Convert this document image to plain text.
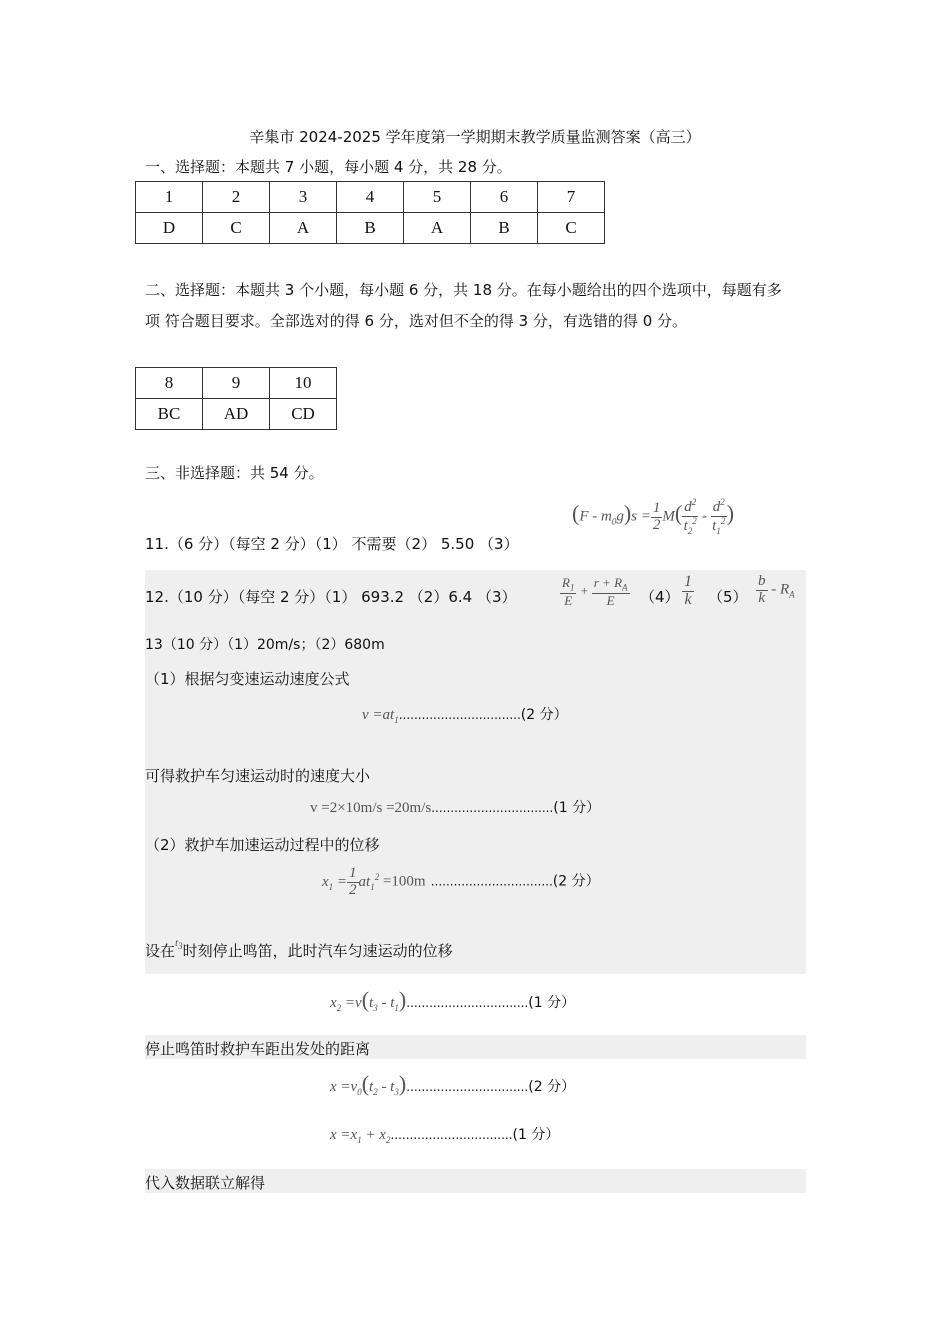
辛集市 2024-2025 学年度第一学期期末教学质量监测答案（高三）
一、选择题：本题共 7 小题，每小题 4 分，共 28 分。
1	2	3	4	5	6	7
D	C	A	B	A	B	C
二、选择题：本题共 3 个小题，每小题 6 分，共 18 分。在每小题给出的四个选项中，每题有多
项 符合题目要求。全部选对的得 6 分，选对但不全的得 3 分，有选错的得 0 分。
8	9	10
BC	AD	CD
三、非选择题：共 54 分。
11.（6 分）（每空 2 分）（1） 不需要（2） 5.50 （3）
$(F - m_0g)s = \frac{1}{2} M( \frac{d^2}{t_2^2} - \frac{d^2}{t_1^2}$ )
12.（10 分）（每空 2 分）（1） 693.2 （2）6.4 （3）	$\frac{R_1}{E} + \frac{r + R_A}{E} (4) \frac{1}{k} (5) \frac{b}{k} - R_A$
13（10 分）（1）20m/s；（2）680m
（1）根据匀变速运动速度公式
$v =at_1................................(2$ 分）
可得救护车匀速运动时的速度大小
v =2×10m/s =20m/s................................(1 分）
（2）救护车加速运动过程中的位移
$x_1 = \frac{1}{2} at_1^2 =100m$ ................................(2 分）
设在$^{t_3}$时刻停止鸣笛，此时汽车匀速运动的位移
$x_2 =v(t_3 - t_1)................................(1$ 分）
停止鸣笛时救护车距出发处的距离
$x =v_0(t_2 - t_3)................................(2$ 分）
$x =x_1 + x_2................................(1$ 分）
代入数据联立解得
